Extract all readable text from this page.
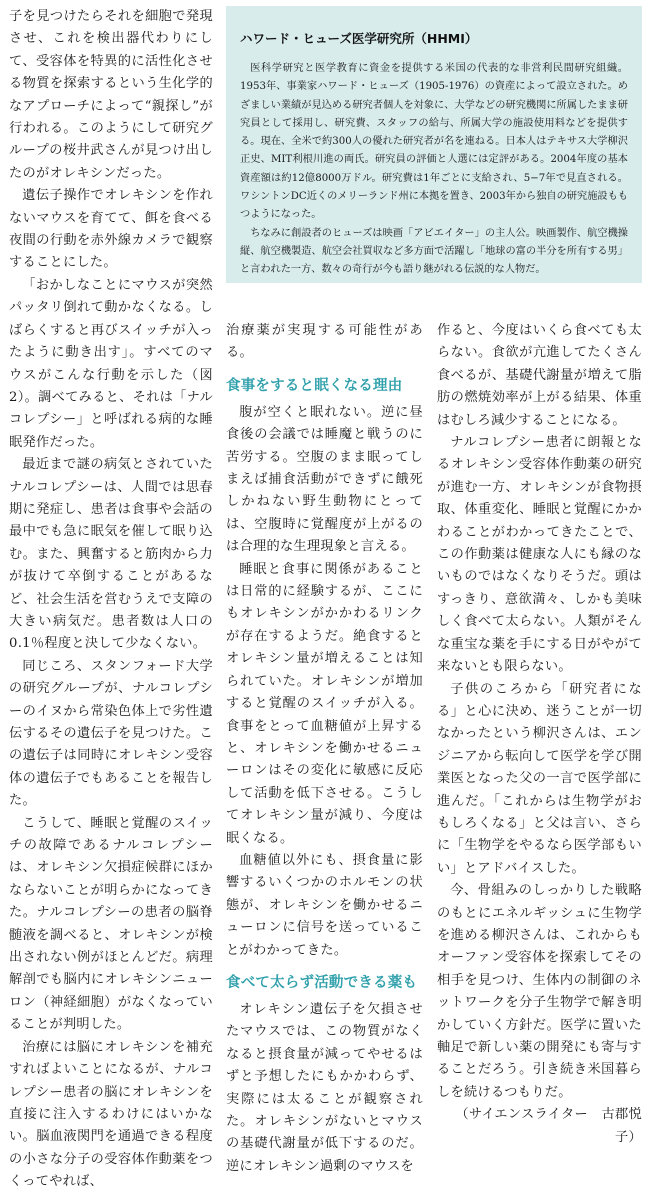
子を見つけたらそれを細胞で発現させ、これを検出器代わりにして、受容体を特異的に活性化させる物質を探索するという生化学的なアプローチによって“親探し”が行われる。このようにして研究グループの桜井武さんが見つけ出したのがオレキシンだった。

遺伝子操作でオレキシンを作れないマウスを育てて、餌を食べる夜間の行動を赤外線カメラで観察することにした。

「おかしなことにマウスが突然パッタリ倒れて動かなくなる。しばらくすると再びスイッチが入ったように動き出す」。すべてのマウスがこんな行動を示した（図2）。調べてみると、それは「ナルコレプシー」と呼ばれる病的な睡眠発作だった。

最近まで謎の病気とされていたナルコレプシーは、人間では思春期に発症し、患者は食事や会話の最中でも急に眠気を催して眠り込む。また、興奮すると筋肉から力が抜けて卒倒することがあるなど、社会生活を営むうえで支障の大きい病気だ。患者数は人口の0.1％程度と決して少なくない。

同じころ、スタンフォード大学の研究グループが、ナルコレプシーのイヌから常染色体上で劣性遺伝するその遺伝子を見つけた。この遺伝子は同時にオレキシン受容体の遺伝子でもあることを報告した。

こうして、睡眠と覚醒のスイッチの故障であるナルコレプシーは、オレキシン欠損症候群にほかならないことが明らかになってきた。ナルコレプシーの患者の脳脊髄液を調べると、オレキシンが検出されない例がほとんどだ。病理解剖でも脳内にオレキシンニューロン（神経細胞）がなくなっていることが判明した。

治療には脳にオレキシンを補充すればよいことになるが、ナルコレプシー患者の脳にオレキシンを直接に注入するわけにはいかない。脳血液関門を通過できる程度の小さな分子の受容体作動薬をつくってやれば、

ハワード・ヒューズ医学研究所（HHMI）

医科学研究と医学教育に資金を提供する米国の代表的な非営利民間研究組織。1953年、事業家ハワード・ヒューズ（1905-1976）の資産によって設立された。めざましい業績が見込める研究者個人を対象に、大学などの研究機関に所属したまま研究員として採用し、研究費、スタッフの給与、所属大学の施設使用料などを提供する。現在、全米で約300人の優れた研究者が名を連ねる。日本人はテキサス大学柳沢正史、MIT利根川進の両氏。研究員の評価と人選には定評がある。2004年度の基本資産額は約12億8000万ドル。研究費は1年ごとに支給され、5−7年で見直される。ワシントンDC近くのメリーランド州に本拠を置き、2003年から独自の研究施設ももつようになった。

ちなみに創設者のヒューズは映画「アビエイター」の主人公。映画製作、航空機操縦、航空機製造、航空会社買収など多方面で活躍し「地球の富の半分を所有する男」と言われた一方、数々の奇行が今も語り継がれる伝説的な人物だ。

治療薬が実現する可能性がある。

食事をすると眠くなる理由

腹が空くと眠れない。逆に昼食後の会議では睡魔と戦うのに苦労する。空腹のまま眠ってしまえば捕食活動ができずに餓死しかねない野生動物にとっては、空腹時に覚醒度が上がるのは合理的な生理現象と言える。

睡眠と食事に関係があることは日常的に経験するが、ここにもオレキシンがかかわるリンクが存在するようだ。絶食するとオレキシン量が増えることは知られていた。オレキシンが増加すると覚醒のスイッチが入る。食事をとって血糖値が上昇すると、オレキシンを働かせるニューロンはその変化に敏感に反応して活動を低下させる。こうしてオレキシン量が減り、今度は眠くなる。

血糖値以外にも、摂食量に影響するいくつかのホルモンの状態が、オレキシンを働かせるニューロンに信号を送っていることがわかってきた。

食べて太らず活動できる薬も

オレキシン遺伝子を欠損させたマウスでは、この物質がなくなると摂食量が減ってやせるはずと予想したにもかかわらず、実際には太ることが観察された。オレキシンがないとマウスの基礎代謝量が低下するのだ。逆にオレキシン過剰のマウスを

作ると、今度はいくら食べても太らない。食欲が亢進してたくさん食べるが、基礎代謝量が増えて脂肪の燃焼効率が上がる結果、体重はむしろ減少することになる。

ナルコレプシー患者に朗報となるオレキシン受容体作動薬の研究が進む一方、オレキシンが食物摂取、体重変化、睡眠と覚醒にかかわることがわかってきたことで、この作動薬は健康な人にも縁のないものではなくなりそうだ。頭はすっきり、意欲満々、しかも美味しく食べて太らない。人類がそんな重宝な薬を手にする日がやがて来ないとも限らない。

子供のころから「研究者になる」と心に決め、迷うことが一切なかったという柳沢さんは、エンジニアから転向して医学を学び開業医となった父の一言で医学部に進んだ。「これからは生物学がおもしろくなる」と父は言い、さらに「生物学をやるなら医学部もいい」とアドバイスした。

今、骨組みのしっかりした戦略のもとにエネルギッシュに生物学を進める柳沢さんは、これからもオーファン受容体を探索してその相手を見つけ、生体内の制御のネットワークを分子生物学で解き明かしていく方針だ。医学に置いた軸足で新しい薬の開発にも寄与することだろう。引き続き米国暮らしを続けるつもりだ。

（サイエンスライター　古郡悦子）
